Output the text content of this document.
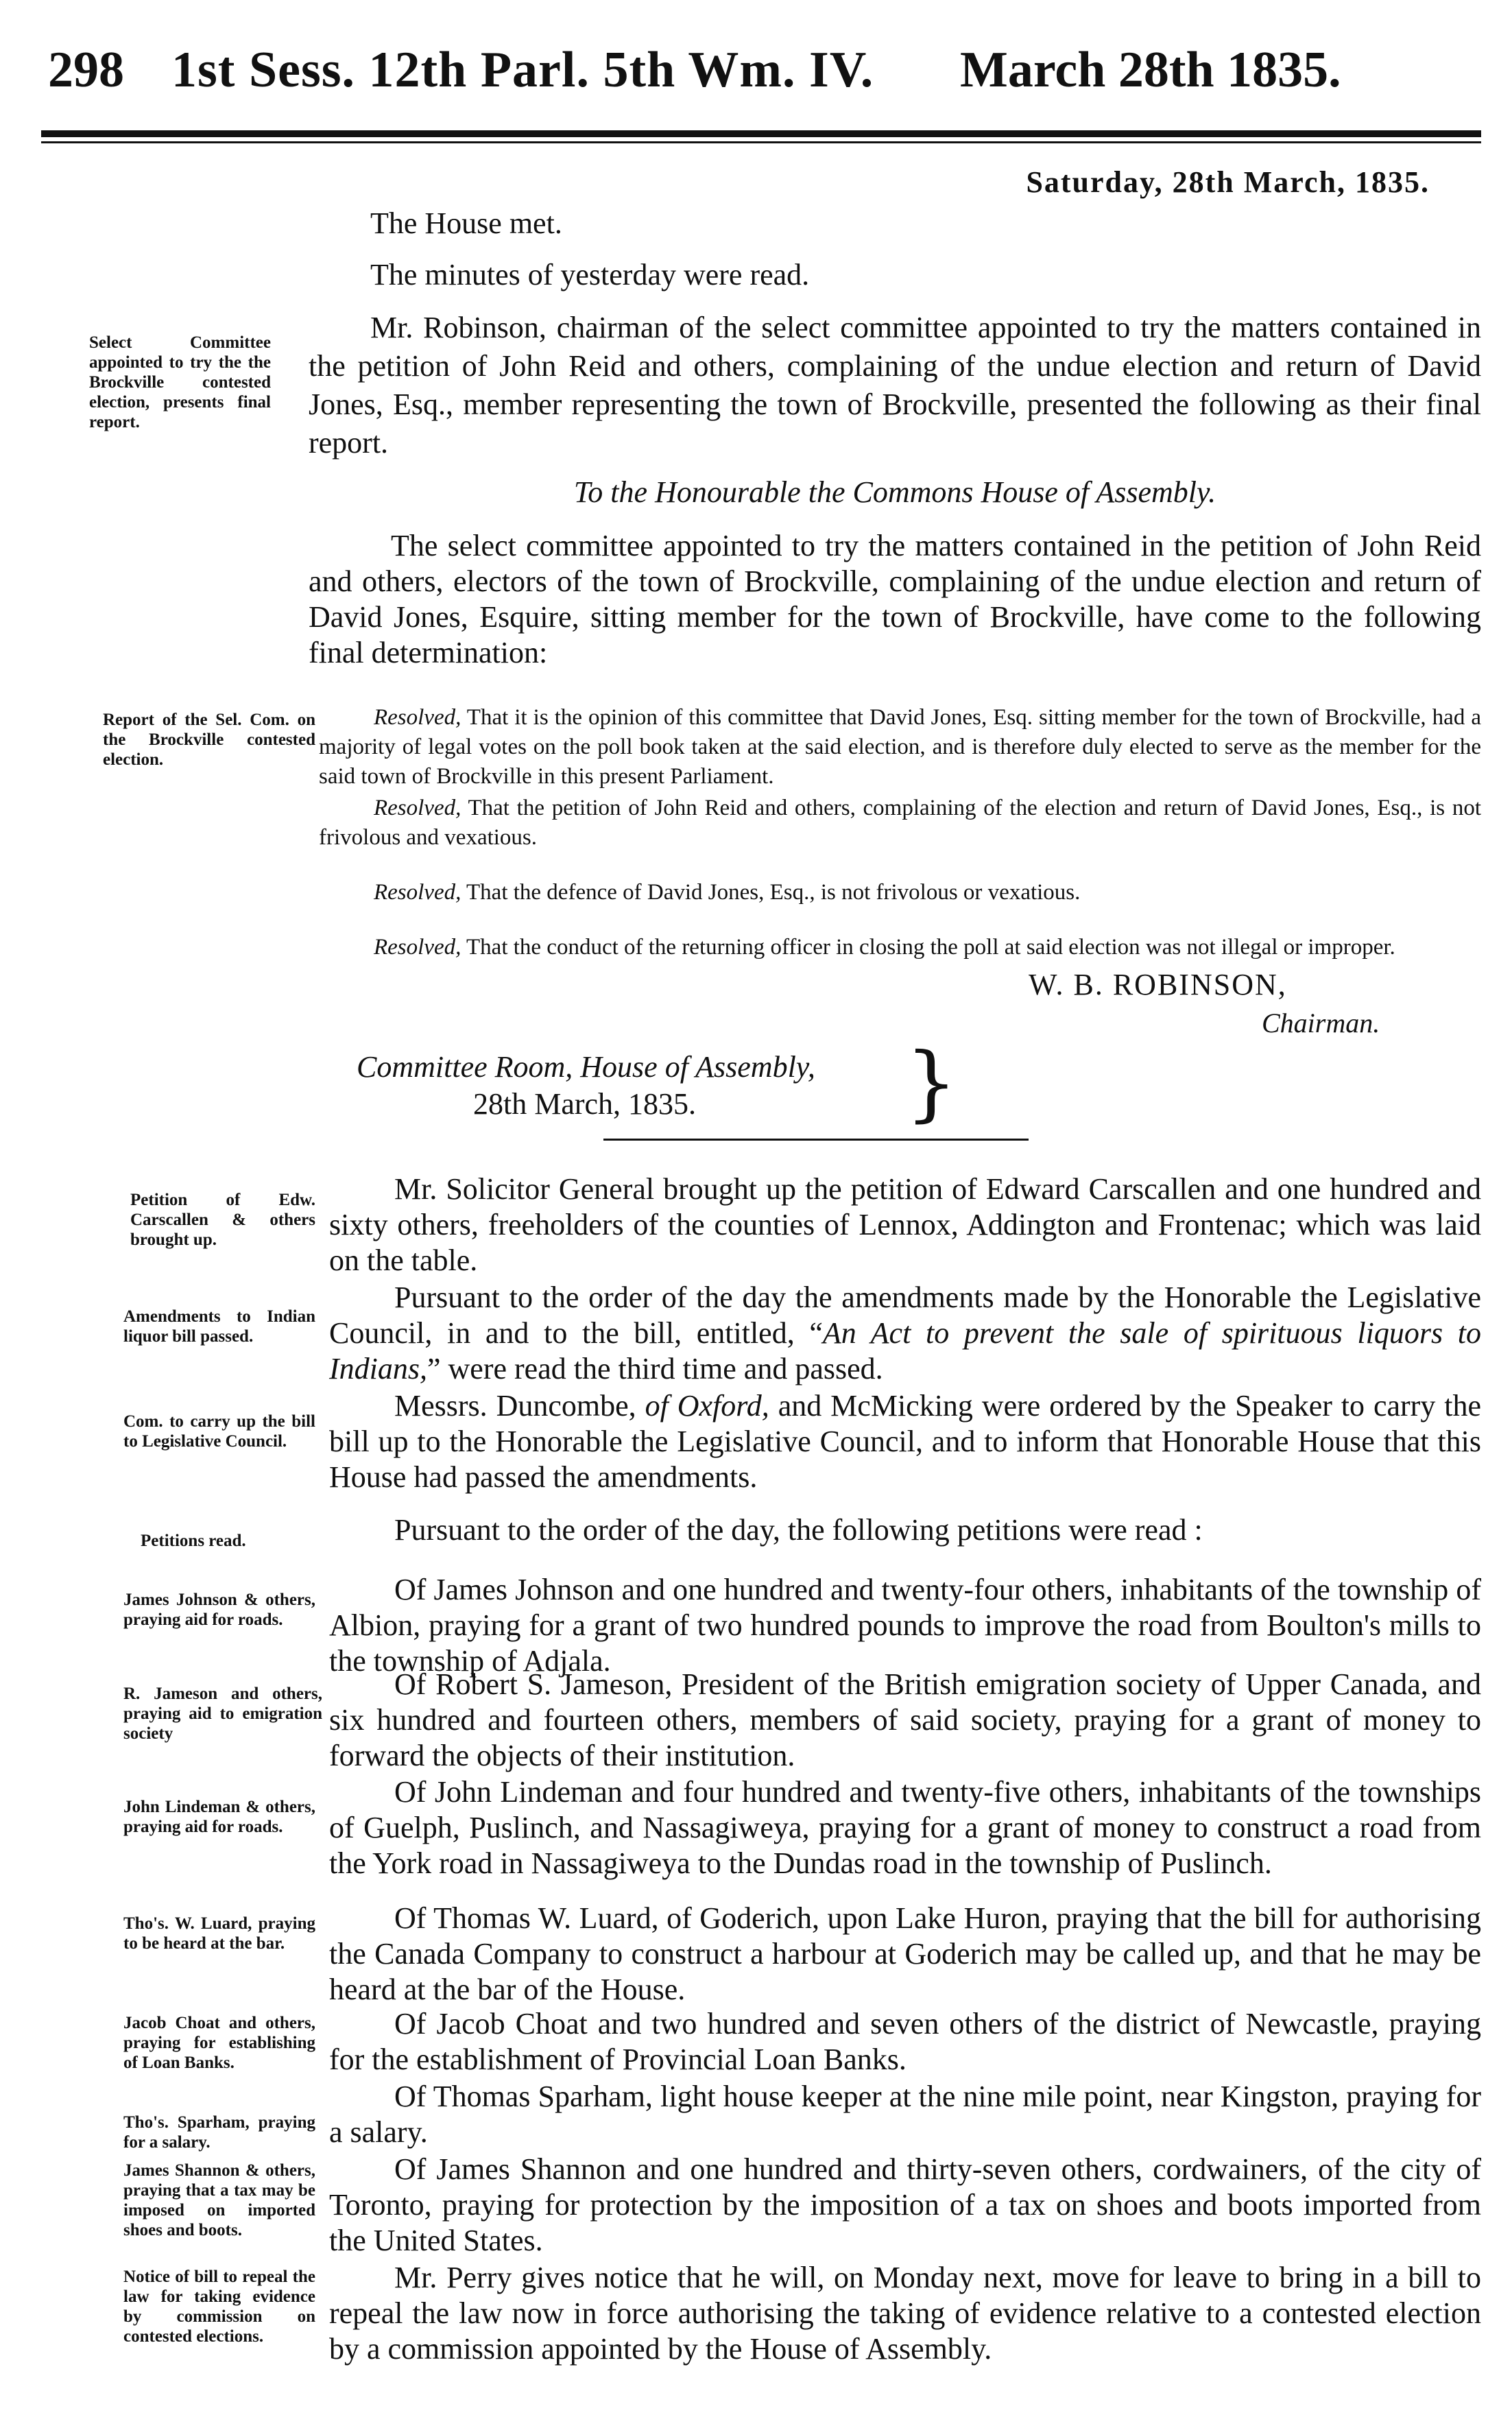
298 1st Sess. 12th Parl. 5th Wm. IV. March 28th 1835.
Saturday, 28th March, 1835.
The House met.
The minutes of yesterday were read.
Select Committee appointed to try the the Brockville contested election, presents final report.
Mr. Robinson, chairman of the select committee appointed to try the matters contained in the petition of John Reid and others, complaining of the undue election and return of David Jones, Esq., member representing the town of Brockville, presented the following as their final report.
To the Honourable the Commons House of Assembly.
The select committee appointed to try the matters contained in the petition of John Reid and others, electors of the town of Brockville, complaining of the undue election and return of David Jones, Esquire, sitting member for the town of Brockville, have come to the following final determination:
Report of the Sel. Com. on the Brockville contested election.
Resolved, That it is the opinion of this committee that David Jones, Esq. sitting member for the town of Brockville, had a majority of legal votes on the poll book taken at the said election, and is therefore duly elected to serve as the member for the said town of Brockville in this present Parliament.
Resolved, That the petition of John Reid and others, complaining of the election and return of David Jones, Esq., is not frivolous and vexatious.
Resolved, That the defence of David Jones, Esq., is not frivolous or vexatious.
Resolved, That the conduct of the returning officer in closing the poll at said election was not illegal or improper.
W. B. ROBINSON,
Chairman.
Committee Room, House of Assembly,
28th March, 1835.	}
Petition of Edw. Carscallen & others brought up.
Mr. Solicitor General brought up the petition of Edward Carscallen and one hundred and sixty others, freeholders of the counties of Lennox, Addington and Frontenac; which was laid on the table.
Amendments to Indian liquor bill passed.
Pursuant to the order of the day the amendments made by the Honorable the Legislative Council, in and to the bill, entitled, “An Act to prevent the sale of spirituous liquors to Indians,” were read the third time and passed.
Com. to carry up the bill to Legislative Council.
Messrs. Duncombe, of Oxford, and McMicking were ordered by the Speaker to carry the bill up to the Honorable the Legislative Council, and to inform that Honorable House that this House had passed the amendments.
Petitions read.	Pursuant to the order of the day, the following petitions were read :
James Johnson & others, praying aid for roads.
Of James Johnson and one hundred and twenty-four others, inhabitants of the township of Albion, praying for a grant of two hundred pounds to improve the road from Boulton's mills to the township of Adjala.
R. Jameson and others, praying aid to emigration society
Of Robert S. Jameson, President of the British emigration society of Upper Canada, and six hundred and fourteen others, members of said society, praying for a grant of money to forward the objects of their institution.
John Lindeman & others, praying aid for roads.
Of John Lindeman and four hundred and twenty-five others, inhabitants of the townships of Guelph, Puslinch, and Nassagiweya, praying for a grant of money to construct a road from the York road in Nassagiweya to the Dundas road in the township of Puslinch.
Tho's. W. Luard, praying to be heard at the bar.
Of Thomas W. Luard, of Goderich, upon Lake Huron, praying that the bill for authorising the Canada Company to construct a harbour at Goderich may be called up, and that he may be heard at the bar of the House.
Jacob Choat and others, praying for establishing of Loan Banks.
Of Jacob Choat and two hundred and seven others of the district of Newcastle, praying for the establishment of Provincial Loan Banks.
Tho's. Sparham, praying for a salary.
Of Thomas Sparham, light house keeper at the nine mile point, near Kingston, praying for a salary.
James Shannon & others, praying that a tax may be imposed on imported shoes and boots.
Of James Shannon and one hundred and thirty-seven others, cordwainers, of the city of Toronto, praying for protection by the imposition of a tax on shoes and boots imported from the United States.
Notice of bill to repeal the law for taking evidence by commission on contested elections.
Mr. Perry gives notice that he will, on Monday next, move for leave to bring in a bill to repeal the law now in force authorising the taking of evidence relative to a contested election by a commission appointed by the House of Assembly.
